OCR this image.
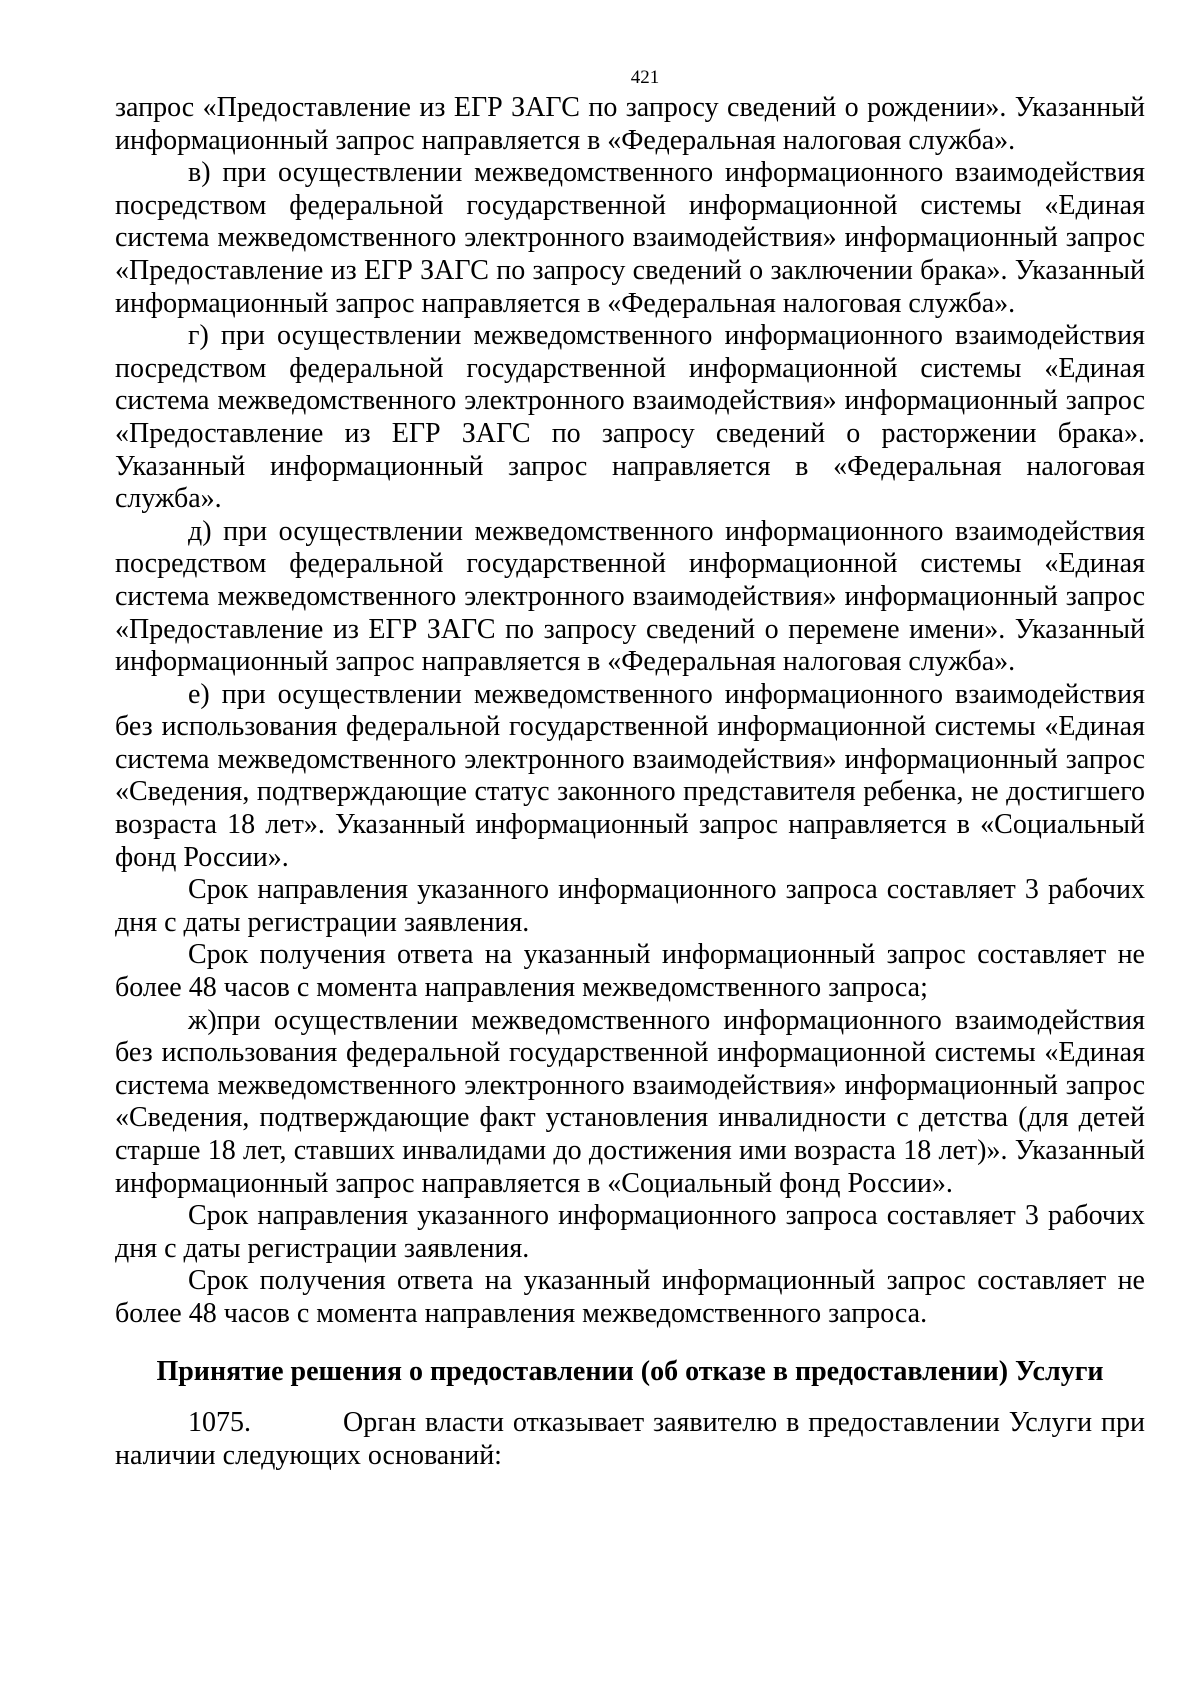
421

запрос «Предоставление из ЕГР ЗАГС по запросу сведений о рождении». Указанный информационный запрос направляется в «Федеральная налоговая служба».

в) при осуществлении межведомственного информационного взаимодействия посредством федеральной государственной информационной системы «Единая система межведомственного электронного взаимодействия» информационный запрос «Предоставление из ЕГР ЗАГС по запросу сведений о заключении брака». Указанный информационный запрос направляется в «Федеральная налоговая служба».

г) при осуществлении межведомственного информационного взаимодействия посредством федеральной государственной информационной системы «Единая система межведомственного электронного взаимодействия» информационный запрос «Предоставление из ЕГР ЗАГС по запросу сведений о расторжении брака». Указанный информационный запрос направляется в «Федеральная налоговая служба».

д) при осуществлении межведомственного информационного взаимодействия посредством федеральной государственной информационной системы «Единая система межведомственного электронного взаимодействия» информационный запрос «Предоставление из ЕГР ЗАГС по запросу сведений о перемене имени». Указанный информационный запрос направляется в «Федеральная налоговая служба».

е) при осуществлении межведомственного информационного взаимодействия без использования федеральной государственной информационной системы «Единая система межведомственного электронного взаимодействия» информационный запрос «Сведения, подтверждающие статус законного представителя ребенка, не достигшего возраста 18 лет». Указанный информационный запрос направляется в «Социальный фонд России».

Срок направления указанного информационного запроса составляет 3 рабочих дня с даты регистрации заявления.

Срок получения ответа на указанный информационный запрос составляет не более 48 часов с момента направления межведомственного запроса;

ж)при осуществлении межведомственного информационного взаимодействия без использования федеральной государственной информационной системы «Единая система межведомственного электронного взаимодействия» информационный запрос «Сведения, подтверждающие факт установления инвалидности с детства (для детей старше 18 лет, ставших инвалидами до достижения ими возраста 18 лет)». Указанный информационный запрос направляется в «Социальный фонд России».

Срок направления указанного информационного запроса составляет 3 рабочих дня с даты регистрации заявления.

Срок получения ответа на указанный информационный запрос составляет не более 48 часов с момента направления межведомственного запроса.

Принятие решения о предоставлении (об отказе в предоставлении) Услуги
1075.	Орган власти отказывает заявителю в предоставлении Услуги при

наличии следующих оснований:
